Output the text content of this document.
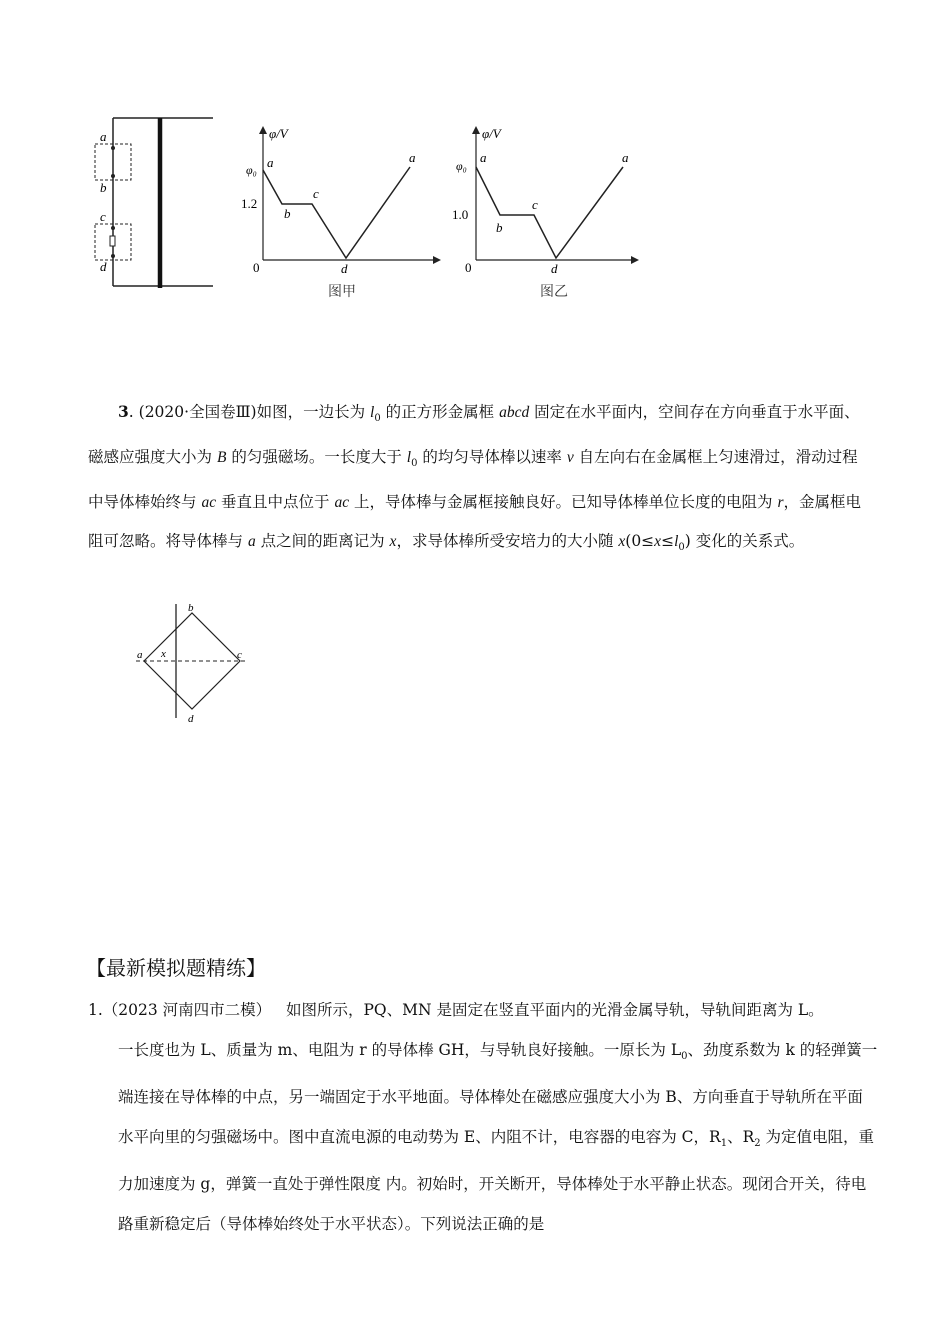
a
b
c
d
φ/V
φ₀
1.2
0
a
b
c
d
a
图甲
φ/V
φ₀
1.0
0
a
b
c
d
a
图乙

3. (2020·全国卷Ⅲ)如图，一边长为 $l_0$ 的正方形金属框 abcd 固定在水平面内，空间存在方向垂直于水平面、磁感应强度大小为 B 的匀强磁场。一长度大于 $l_0$ 的均匀导体棒以速率 v 自左向右在金属框上匀速滑过，滑动过程中导体棒始终与 ac 垂直且中点位于 ac 上，导体棒与金属框接触良好。已知导体棒单位长度的电阻为 r，金属框电阻可忽略。将导体棒与 a 点之间的距离记为 x，求导体棒所受安培力的大小随 $x(0\le x\le l_0)$ 变化的关系式。

a
b
c
d
x
【最新模拟题精练】

1.（2023 河南四市二模） 如图所示，PQ、MN 是固定在竖直平面内的光滑金属导轨，导轨间距离为 L。

一长度也为 L、质量为 m、电阻为 r 的导体棒 GH，与导轨良好接触。一原长为 $L_0$、劲度系数为 k 的轻弹簧一端连接在导体棒的中点，另一端固定于水平地面。导体棒处在磁感应强度大小为 B、方向垂直于导轨所在平面水平向里的匀强磁场中。图中直流电源的电动势为 E、内阻不计，电容器的电容为 C，$R_1$、$R_2$ 为定值电阻，重力加速度为 g，弹簧一直处于弹性限度 内。初始时，开关断开，导体棒处于水平静止状态。现闭合开关，待电路重新稳定后（导体棒始终处于水平状态）。下列说法正确的是
